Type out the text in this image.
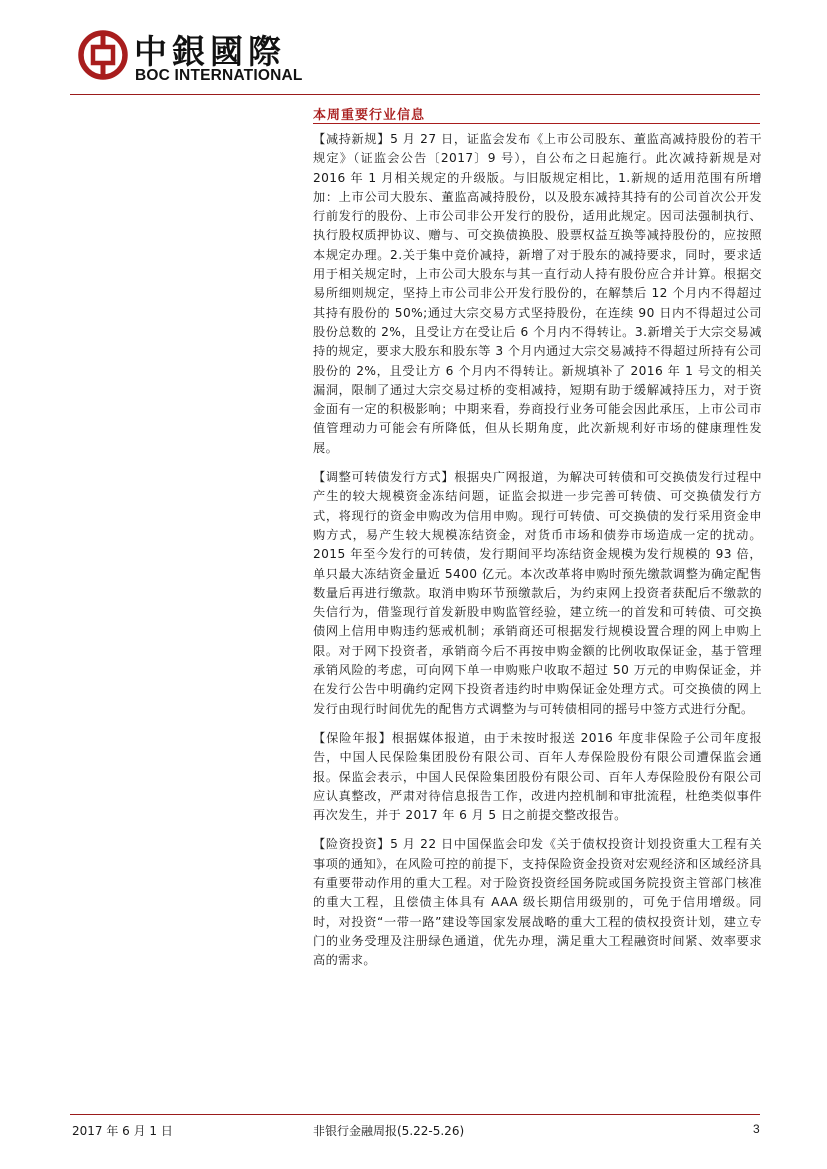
中銀國際
BOC INTERNATIONAL
本周重要行业信息

【减持新规】5 月 27 日，证监会发布《上市公司股东、董监高减持股份的若干规定》（证监会公告〔2017〕9 号），自公布之日起施行。此次减持新规是对 2016 年 1 月相关规定的升级版。与旧版规定相比，1.新规的适用范围有所增加：上市公司大股东、董监高减持股份，以及股东减持其持有的公司首次公开发行前发行的股份、上市公司非公开发行的股份，适用此规定。因司法强制执行、执行股权质押协议、赠与、可交换债换股、股票权益互换等减持股份的，应按照本规定办理。2.关于集中竞价减持，新增了对于股东的减持要求，同时，要求适用于相关规定时，上市公司大股东与其一直行动人持有股份应合并计算。根据交易所细则规定，坚持上市公司非公开发行股份的，在解禁后 12 个月内不得超过其持有股份的 50%;通过大宗交易方式坚持股份，在连续 90 日内不得超过公司股份总数的 2%，且受让方在受让后 6 个月内不得转让。3.新增关于大宗交易减持的规定，要求大股东和股东等 3 个月内通过大宗交易减持不得超过所持有公司股份的 2%，且受让方 6 个月内不得转让。新规填补了 2016 年 1 号文的相关漏洞，限制了通过大宗交易过桥的变相减持，短期有助于缓解减持压力，对于资金面有一定的积极影响；中期来看，券商投行业务可能会因此承压，上市公司市值管理动力可能会有所降低，但从长期角度，此次新规利好市场的健康理性发展。

【调整可转债发行方式】根据央广网报道，为解决可转债和可交换债发行过程中产生的较大规模资金冻结问题，证监会拟进一步完善可转债、可交换债发行方式，将现行的资金申购改为信用申购。现行可转债、可交换债的发行采用资金申购方式，易产生较大规模冻结资金，对货币市场和债券市场造成一定的扰动。2015 年至今发行的可转债，发行期间平均冻结资金规模为发行规模的 93 倍，单只最大冻结资金量近 5400 亿元。本次改革将申购时预先缴款调整为确定配售数量后再进行缴款。取消申购环节预缴款后，为约束网上投资者获配后不缴款的失信行为，借鉴现行首发新股申购监管经验，建立统一的首发和可转债、可交换债网上信用申购违约惩戒机制；承销商还可根据发行规模设置合理的网上申购上限。对于网下投资者，承销商今后不再按申购金额的比例收取保证金，基于管理承销风险的考虑，可向网下单一申购账户收取不超过 50 万元的申购保证金，并在发行公告中明确约定网下投资者违约时申购保证金处理方式。可交换债的网上发行由现行时间优先的配售方式调整为与可转债相同的摇号中签方式进行分配。

【保险年报】根据媒体报道，由于未按时报送 2016 年度非保险子公司年度报告，中国人民保险集团股份有限公司、百年人寿保险股份有限公司遭保监会通报。保监会表示，中国人民保险集团股份有限公司、百年人寿保险股份有限公司应认真整改，严肃对待信息报告工作，改进内控机制和审批流程，杜绝类似事件再次发生，并于 2017 年 6 月 5 日之前提交整改报告。

【险资投资】5 月 22 日中国保监会印发《关于债权投资计划投资重大工程有关事项的通知》，在风险可控的前提下，支持保险资金投资对宏观经济和区域经济具有重要带动作用的重大工程。对于险资投资经国务院或国务院投资主管部门核准的重大工程，且偿债主体具有 AAA 级长期信用级别的，可免于信用增级。同时，对投资“一带一路”建设等国家发展战略的重大工程的债权投资计划，建立专门的业务受理及注册绿色通道，优先办理，满足重大工程融资时间紧、效率要求高的需求。

2017 年 6 月 1 日	非银行金融周报(5.22-5.26)	3
